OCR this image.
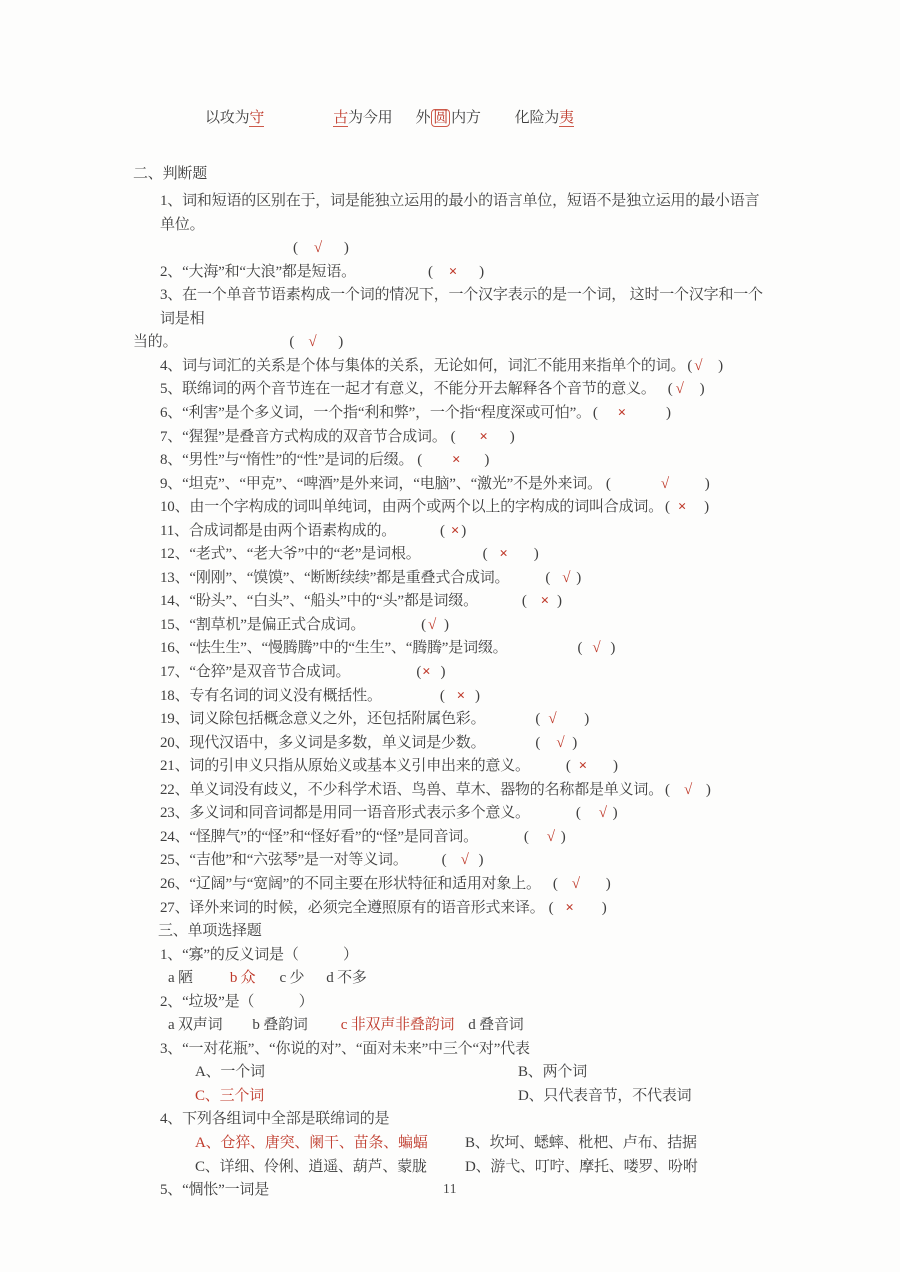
以攻为守	古为今用 外 圆 内方 化险为夷
二、判断题
1、词和短语的区别在于，词是能独立运用的最小的语言单位，短语不是独立运用的最小语言单位。
( √ )
2、“大海”和“大浪”都是短语。	( × )
3、在一个单音节语素构成一个词的情况下，一个汉字表示的是一个词， 这时一个汉字和一个词是相
当的。	( √ )
4、词与词汇的关系是个体与集体的关系，无论如何，词汇不能用来指单个的词。 ( √ )
5、联绵词的两个音节连在一起才有意义，不能分开去解释各个音节的意义。 ( √ )
6、“利害”是个多义词，一个指“利和弊”，一个指“程度深或可怕”。 ( ×	)
7、“猩猩”是叠音方式构成的双音节合成词。 ( × )
8、“男性”与“惰性”的“性”是词的后缀。 ( × )
9、“坦克”、“甲克”、“啤酒”是外来词，“电脑”、“激光”不是外来词。 (	√ )
10、由一个字构成的词叫单纯词，由两个或两个以上的字构成的词叫合成词。 ( × )
11、合成词都是由两个语素构成的。	( × )
12、“老式”、“老大爷”中的“老”是词根。	( × )
13、“刚刚”、“馍馍”、“断断续续”都是重叠式合成词。 ( √ )
14、“盼头”、“白头”、“船头”中的“头”都是词缀。	( × )
15、“割草机”是偏正式合成词。	( √ )
16、“怯生生”、“慢腾腾”中的“生生”、“腾腾”是词缀。	( √ )
17、“仓猝”是双音节合成词。	(× )
18、专有名词的词义没有概括性。	( × )
19、词义除包括概念意义之外，还包括附属色彩。	( √ )
20、现代汉语中，多义词是多数，单义词是少数。	( √ )
21、词的引申义只指从原始义或基本义引申出来的意义。 ( × )
22、单义词没有歧义，不少科学术语、鸟兽、草木、器物的名称都是单义词。 ( √ )
23、多义词和同音词都是用同一语音形式表示多个意义。	( √ )
24、“怪脾气”的“怪”和“怪好看”的“怪”是同音词。	( √ )
25、“吉他”和“六弦琴”是一对等义词。 ( √ )
26、“辽阔”与“宽阔”的不同主要在形状特征和适用对象上。 ( √ )
27、译外来词的时候，必须完全遵照原有的语音形式来译。 ( × )
三、单项选择题
1、“寡”的反义词是（　　　）
a 陋 b 众 c 少 d 不多
2、“垃圾”是（　　　）
a 双声词 b 叠韵词 c 非双声非叠韵词 d 叠音词
3、“一对花瓶”、“你说的对”、“面对未来”中三个“对”代表
A、一个词	B、两个词
C、三个词	D、只代表音节，不代表词
4、下列各组词中全部是联绵词的是
A、仓猝、唐突、阑干、苗条、蝙蝠	B、坎坷、蟋蟀、枇杷、卢布、拮据
C、详细、伶俐、逍遥、葫芦、蒙胧	D、游弋、叮咛、摩托、喽罗、吩咐
5、“惆怅”一词是	11
